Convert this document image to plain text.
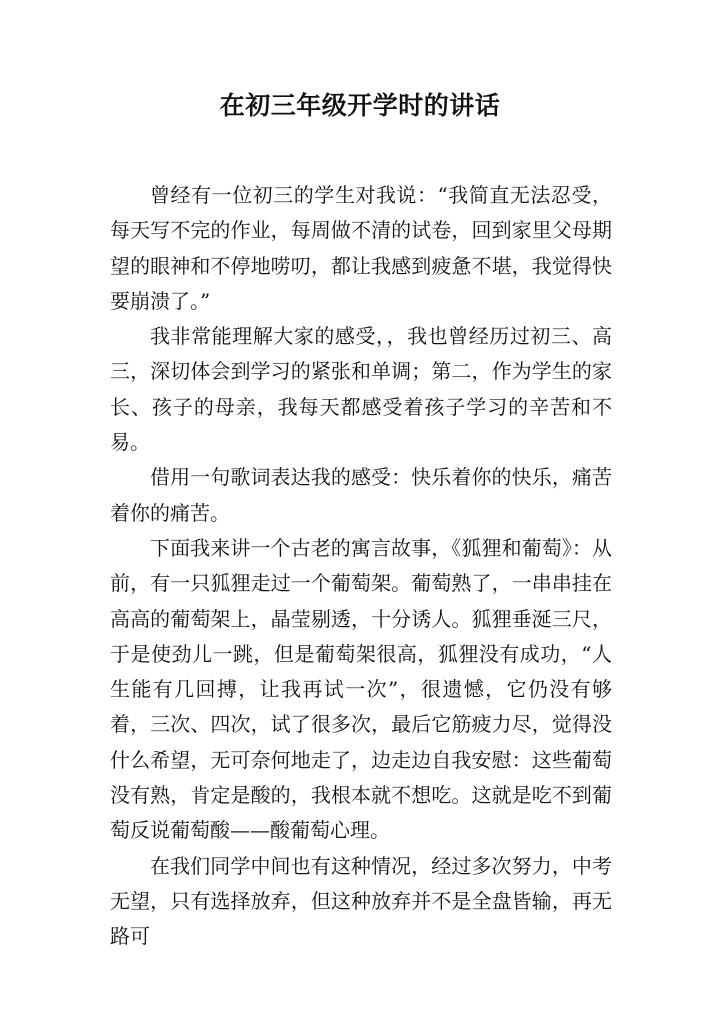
在初三年级开学时的讲话

曾经有一位初三的学生对我说：“我简直无法忍受，每天写不完的作业，每周做不清的试卷，回到家里父母期望的眼神和不停地唠叨，都让我感到疲惫不堪，我觉得快要崩溃了。”

我非常能理解大家的感受，，我也曾经历过初三、高三，深切体会到学习的紧张和单调；第二，作为学生的家长、孩子的母亲，我每天都感受着孩子学习的辛苦和不易。

借用一句歌词表达我的感受：快乐着你的快乐，痛苦着你的痛苦。

下面我来讲一个古老的寓言故事，《狐狸和葡萄》：从前，有一只狐狸走过一个葡萄架。葡萄熟了，一串串挂在高高的葡萄架上，晶莹剔透，十分诱人。狐狸垂涎三尺，于是使劲儿一跳，但是葡萄架很高，狐狸没有成功，“人生能有几回搏，让我再试一次”，很遗憾，它仍没有够着，三次、四次，试了很多次，最后它筋疲力尽，觉得没什么希望，无可奈何地走了，边走边自我安慰：这些葡萄没有熟，肯定是酸的，我根本就不想吃。这就是吃不到葡萄反说葡萄酸——酸葡萄心理。

在我们同学中间也有这种情况，经过多次努力，中考无望，只有选择放弃，但这种放弃并不是全盘皆输，再无路可
